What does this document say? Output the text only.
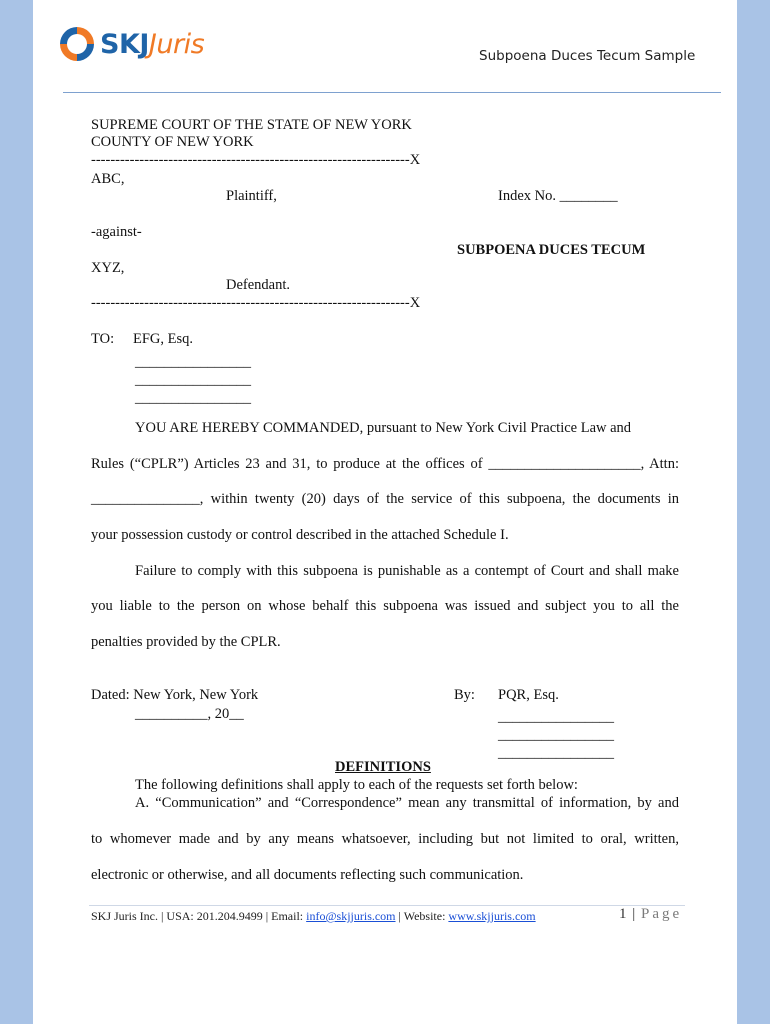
SKJJuris	Subpoena Duces Tecum Sample
SUPREME COURT OF THE STATE OF NEW YORK
COUNTY OF NEW YORK
------------------------------------------------------------------X
ABC,
Plaintiff,	Index No. ________
-against-
SUBPOENA DUCES TECUM
XYZ,
Defendant.
------------------------------------------------------------------X
TO: EFG, Esq.
________________
________________
________________
YOU ARE HEREBY COMMANDED, pursuant to New York Civil Practice Law and
Rules (“CPLR”) Articles 23 and 31, to produce at the offices of _____________________, Attn:
_______________, within twenty (20) days of the service of this subpoena, the documents in
your possession custody or control described in the attached Schedule I.
Failure to comply with this subpoena is punishable as a contempt of Court and shall make
you liable to the person on whose behalf this subpoena was issued and subject you to all the
penalties provided by the CPLR.
Dated: New York, New York
__________, 20__
By: PQR, Esq.
________________
________________
________________
DEFINITIONS
The following definitions shall apply to each of the requests set forth below:
A. “Communication” and “Correspondence” mean any transmittal of information, by and
to whomever made and by any means whatsoever, including but not limited to oral, written,
electronic or otherwise, and all documents reflecting such communication.
SKJ Juris Inc. | USA: 201.204.9499 | Email: info@skjjuris.com | Website: www.skjjuris.com	1 | Page
